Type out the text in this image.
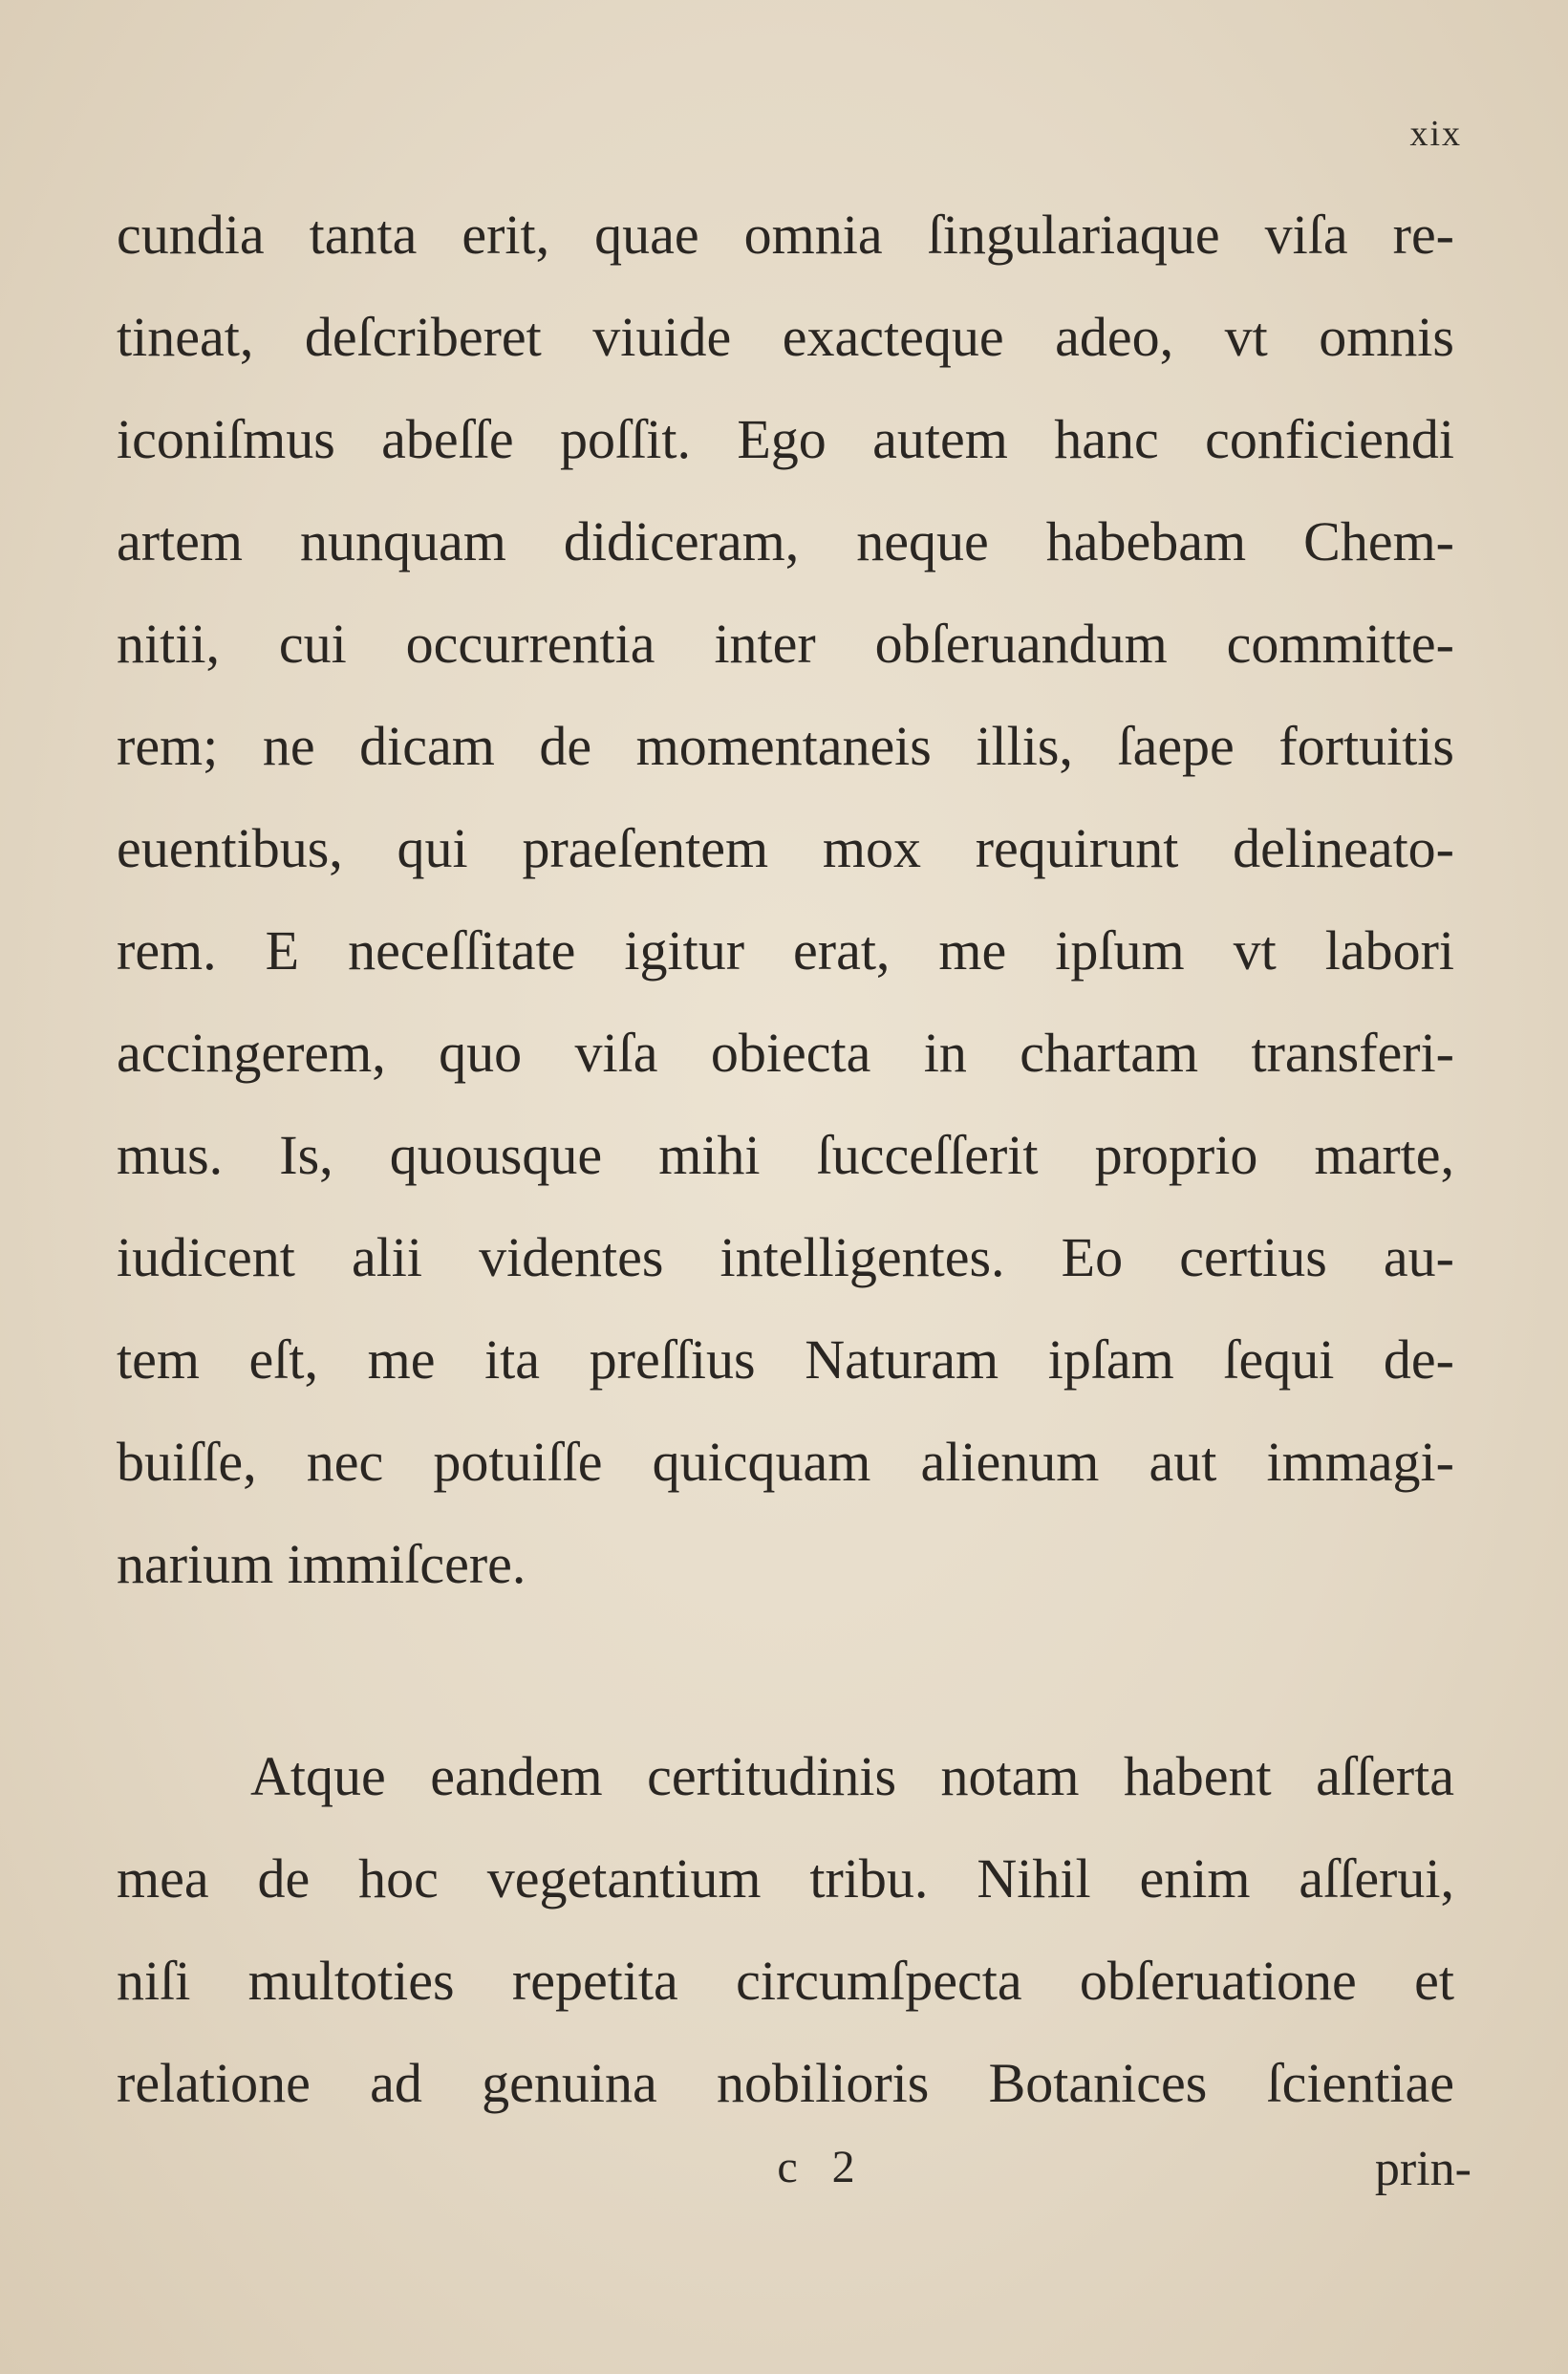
xix
cundia tanta erit, quae omnia ſingulariaque viſa re-
tineat, deſcriberet viuide exacteque adeo, vt omnis
iconiſmus abeſſe poſſit. Ego autem hanc conficiendi
artem nunquam didiceram, neque habebam Chem-
nitii, cui occurrentia inter obſeruandum committe-
rem; ne dicam de momentaneis illis, ſaepe fortuitis
euentibus, qui praeſentem mox requirunt delineato-
rem. E neceſſitate igitur erat, me ipſum vt labori
accingerem, quo viſa obiecta in chartam transferi-
mus. Is, quousque mihi ſucceſſerit proprio marte,
iudicent alii videntes intelligentes. Eo certius au-
tem eſt, me ita preſſius Naturam ipſam ſequi de-
buiſſe, nec potuiſſe quicquam alienum aut immagi-
narium immiſcere.
Atque eandem certitudinis notam habent aſſerta
mea de hoc vegetantium tribu. Nihil enim aſſerui,
niſi multoties repetita circumſpecta obſeruatione et
relatione ad genuina nobilioris Botanices ſcientiae
c 2	prin-
